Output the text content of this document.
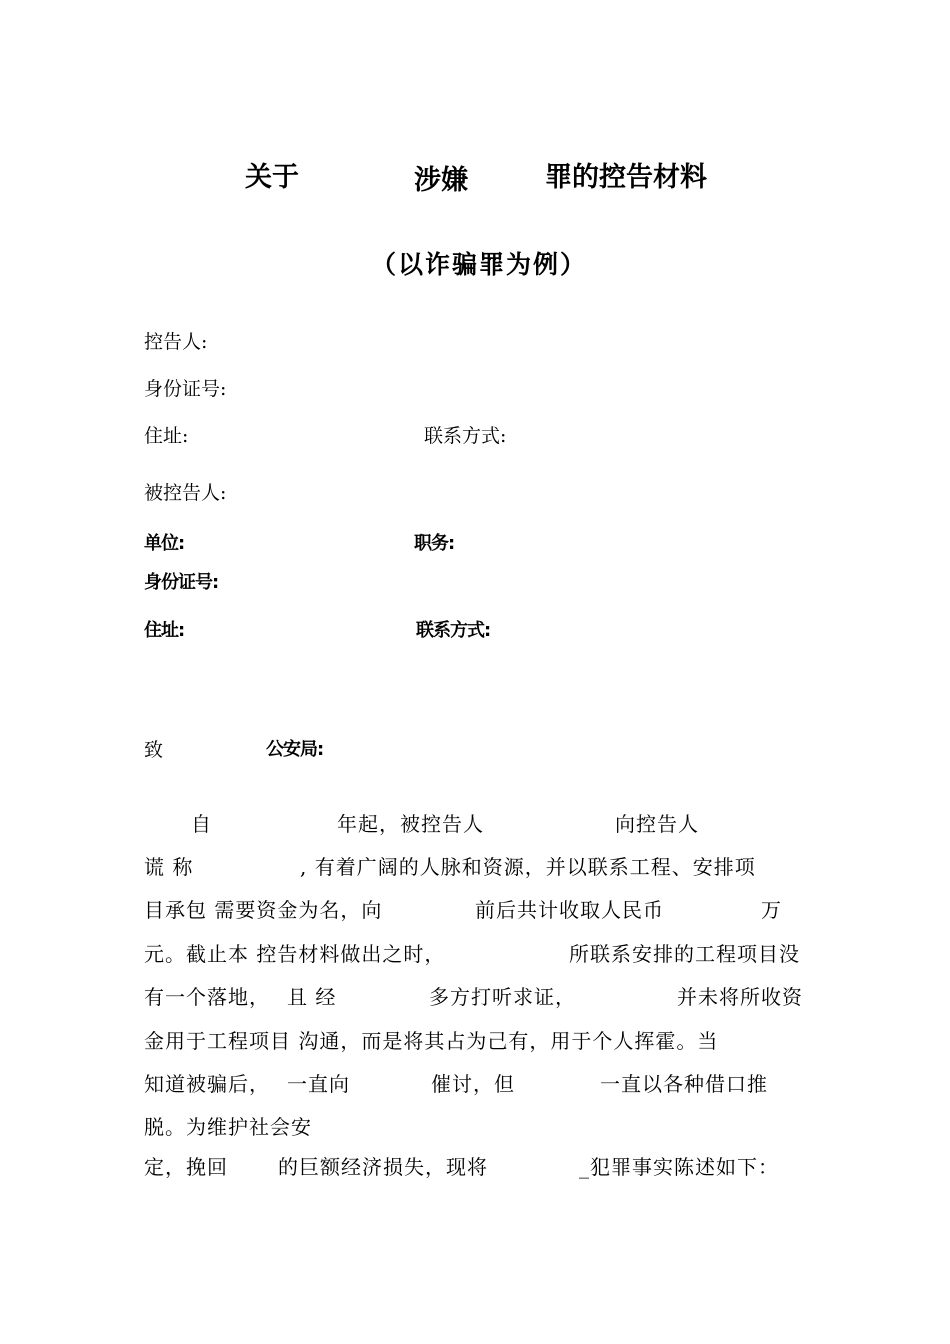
关于	涉嫌	罪的控告材料
（以诈骗罪为例）
控告人:
身份证号:
住址:	联系方式:
被控告人:
单位:	职务:
身份证号:
住址:	联系方式:
致	公安局:
自	年起，被控告人	向控告人
谎 称	, 有着广阔的人脉和资源，并以联系工程、安排项
目承包 需要资金为名，向	前后共计收取人民币	万
元。截止本 控告材料做出之时，	所联系安排的工程项目没
有一个落地， 且 经	多方打听求证，	并未将所收资
金用于工程项目 沟通，而是将其占为己有，用于个人挥霍。当
知道被骗后， 一直向	催讨，但	一直以各种借口推
脱。为维护社会安
定，挽回	的巨额经济损失，现将	_犯罪事实陈述如下：
